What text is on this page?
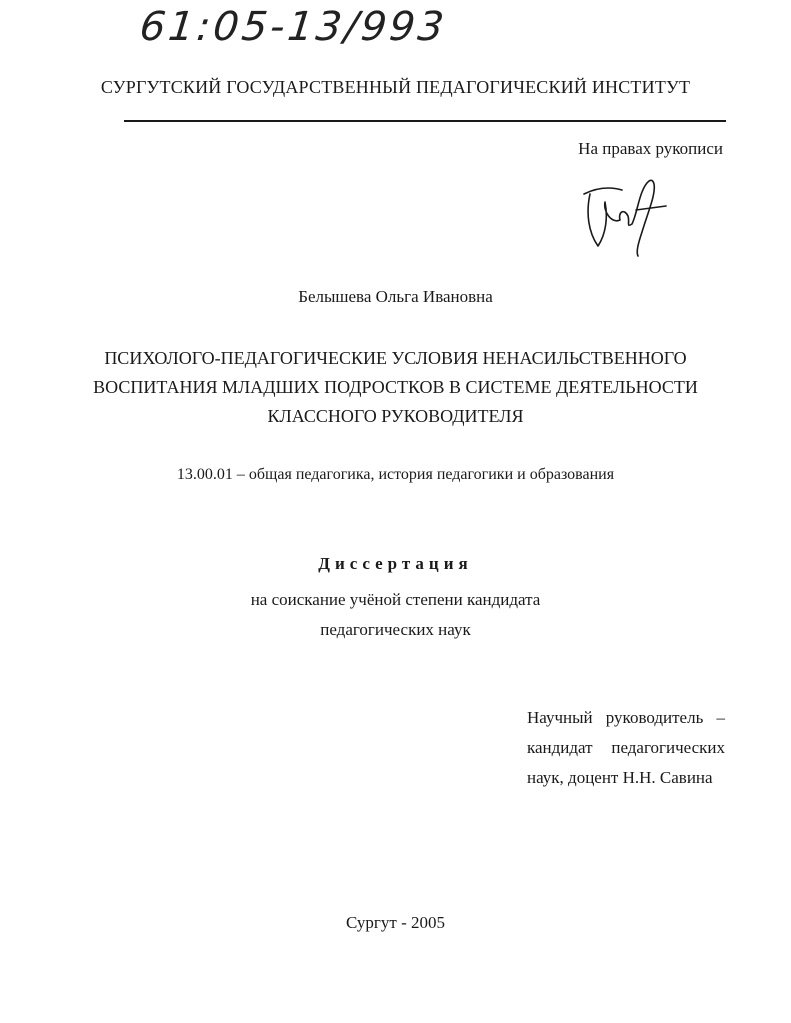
61:05-13/993
СУРГУТСКИЙ ГОСУДАРСТВЕННЫЙ ПЕДАГОГИЧЕСКИЙ ИНСТИТУТ
На правах рукописи
Белышева Ольга Ивановна
ПСИХОЛОГО-ПЕДАГОГИЧЕСКИЕ УСЛОВИЯ НЕНАСИЛЬСТВЕННОГО
ВОСПИТАНИЯ МЛАДШИХ ПОДРОСТКОВ В СИСТЕМЕ ДЕЯТЕЛЬНОСТИ
КЛАССНОГО РУКОВОДИТЕЛЯ
13.00.01 – общая педагогика, история педагогики и образования
Диссертация
на соискание учёной степени кандидата
педагогических наук
Научный руководитель –
кандидат педагогических
наук, доцент Н.Н. Савина
Сургут - 2005
